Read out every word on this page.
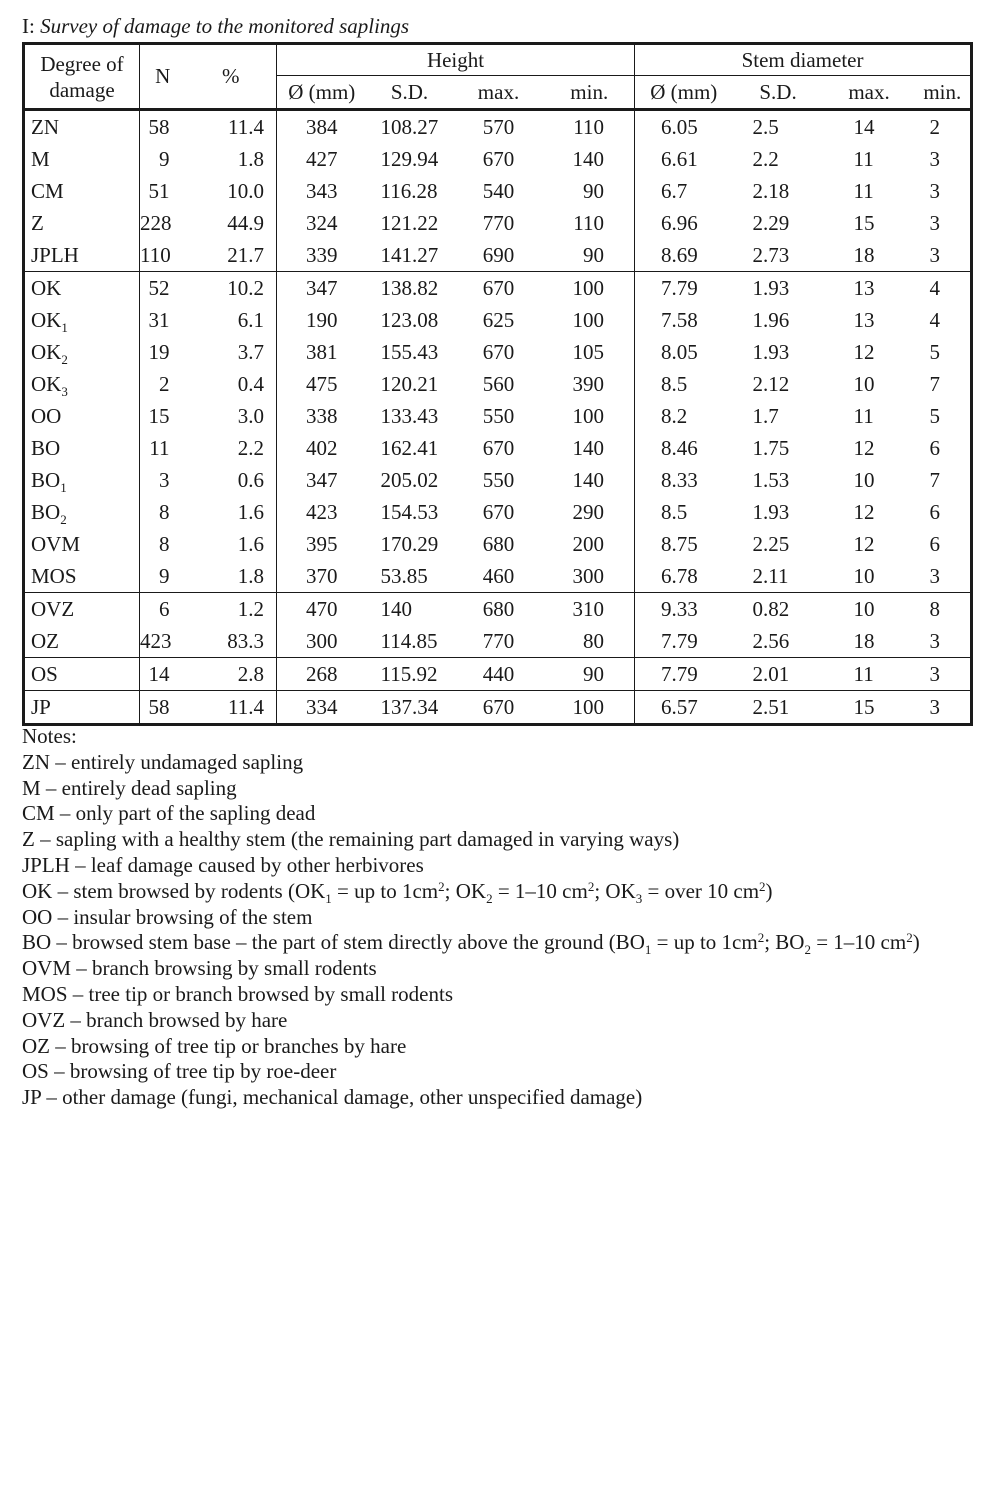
I: Survey of damage to the monitored saplings
Degree of
damage	N	%	Height				Stem diameter			
			Ø (mm)	S.D.	max.	min.	Ø (mm)	S.D.	max.	min.
ZN	58	11.4	384	108.27	570	110	6.05	2.5	14	2
M	9	1.8	427	129.94	670	140	6.61	2.2	11	3
CM	51	10.0	343	116.28	540	90	6.7	2.18	11	3
Z	228	44.9	324	121.22	770	110	6.96	2.29	15	3
JPLH	110	21.7	339	141.27	690	90	8.69	2.73	18	3
OK	52	10.2	347	138.82	670	100	7.79	1.93	13	4
$OK_1$	31	6.1	190	123.08	625	100	7.58	1.96	13	4
$OK_2$	19	3.7	381	155.43	670	105	8.05	1.93	12	5
$OK_3$	2	0.4	475	120.21	560	390	8.5	2.12	10	7
OO	15	3.0	338	133.43	550	100	8.2	1.7	11	5
BO	11	2.2	402	162.41	670	140	8.46	1.75	12	6
$BO_1$	3	0.6	347	205.02	550	140	8.33	1.53	10	7
$BO_2$	8	1.6	423	154.53	670	290	8.5	1.93	12	6
OVM	8	1.6	395	170.29	680	200	8.75	2.25	12	6
MOS	9	1.8	370	53.85	460	300	6.78	2.11	10	3
OVZ	6	1.2	470	140	680	310	9.33	0.82	10	8
OZ	423	83.3	300	114.85	770	80	7.79	2.56	18	3
OS	14	2.8	268	115.92	440	90	7.79	2.01	11	3
JP	58	11.4	334	137.34	670	100	6.57	2.51	15	3
Notes:
ZN – entirely undamaged sapling
M – entirely dead sapling
CM – only part of the sapling dead
Z – sapling with a healthy stem (the remaining part damaged in varying ways)
JPLH – leaf damage caused by other herbivores
OK – stem browsed by rodents ($OK_1$ = up to $1cm^2$; $OK_2 = 1-10$ $cm^2$; $OK_3$ = over 10 $cm^2$)
OO – insular browsing of the stem
BO – browsed stem base – the part of stem directly above the ground ($BO_1$ = up to $1cm^2$; $BO_2 = 1-10$ $cm^2$)
OVM – branch browsing by small rodents
MOS – tree tip or branch browsed by small rodents
OVZ – branch browsed by hare
OZ – browsing of tree tip or branches by hare
OS – browsing of tree tip by roe-deer
JP – other damage (fungi, mechanical damage, other unspecified damage)
